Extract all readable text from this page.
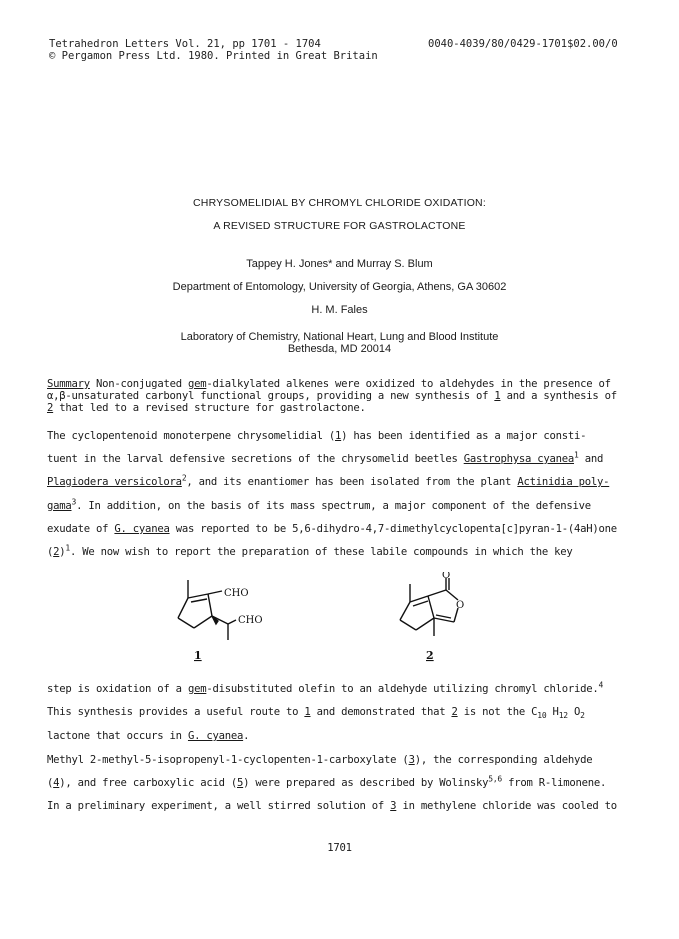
Tetrahedron Letters Vol. 21, pp 1701 - 1704
© Pergamon Press Ltd. 1980. Printed in Great Britain
0040-4039/80/0429-1701$02.00/0
CHRYSOMELIDIAL BY CHROMYL CHLORIDE OXIDATION:
A REVISED STRUCTURE FOR GASTROLACTONE
Tappey H. Jones* and Murray S. Blum
Department of Entomology, University of Georgia, Athens, GA 30602
H. M. Fales
Laboratory of Chemistry, National Heart, Lung and Blood Institute
Bethesda, MD 20014
Summary Non-conjugated gem-dialkylated alkenes were oxidized to aldehydes in the presence of
α,β-unsaturated carbonyl functional groups, providing a new synthesis of 1 and a synthesis of
2 that led to a revised structure for gastrolactone.
The cyclopentenoid monoterpene chrysomelidial (1) has been identified as a major consti-
tuent in the larval defensive secretions of the chrysomelid beetles Gastrophysa cyanea$^1$ and
Plagiodera versicolora$^2$, and its enantiomer has been isolated from the plant Actinidia poly-
gama$^3$. In addition, on the basis of its mass spectrum, a major component of the defensive
exudate of G. cyanea was reported to be 5,6-dihydro-4,7-dimethylcyclopenta[c]pyran-1-(4aH)one
$(2)^1$. We now wish to report the preparation of these labile compounds in which the key
CHO
CHO
1
O
O
2
step is oxidation of a gem-disubstituted olefin to an aldehyde utilizing chromyl chloride.$^4$
This synthesis provides a useful route to 1 and demonstrated that 2 is not the $C_{10}$ $H_{12}$ $O_2$
lactone that occurs in G. cyanea.
Methyl 2-methyl-5-isopropenyl-1-cyclopenten-1-carboxylate (3), the corresponding aldehyde
(4), and free carboxylic acid (5) were prepared as described by Wolinsky$^{5,6}$ from R-limonene.
In a preliminary experiment, a well stirred solution of 3 in methylene chloride was cooled to
1701
